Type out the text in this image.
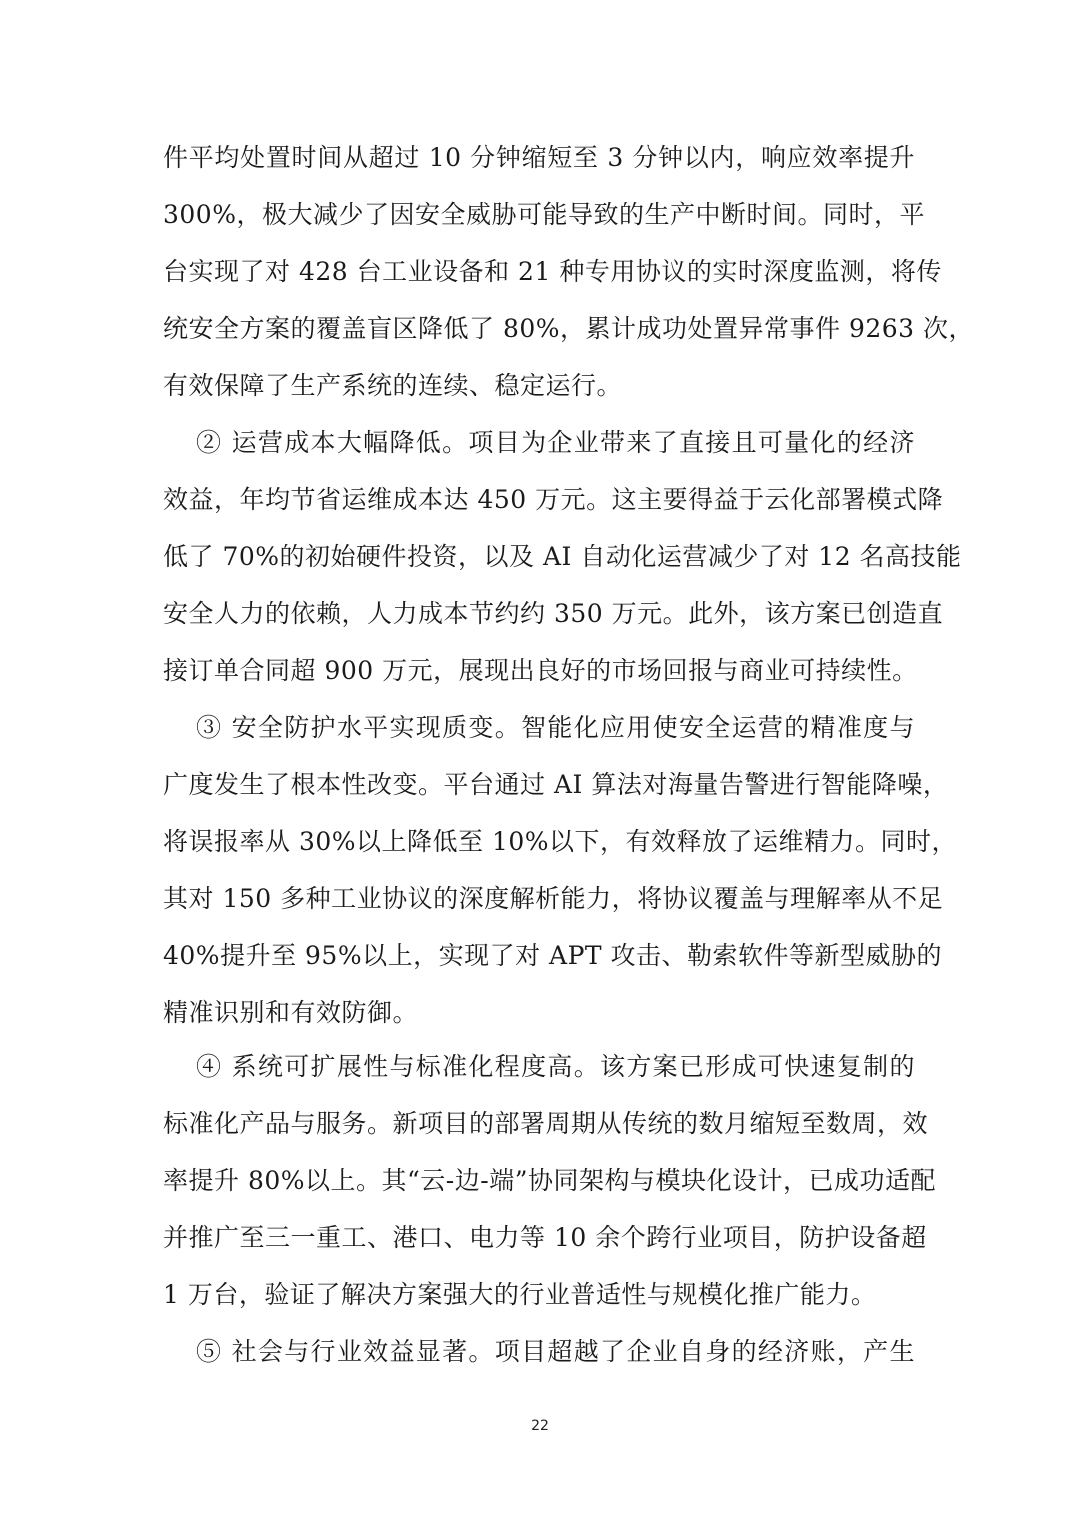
件平均处置时间从超过 10 分钟缩短至 3 分钟以内，响应效率提升
300%，极大减少了因安全威胁可能导致的生产中断时间。同时，平
台实现了对 428 台工业设备和 21 种专用协议的实时深度监测，将传
统安全方案的覆盖盲区降低了 80%，累计成功处置异常事件 9263 次，
有效保障了生产系统的连续、稳定运行。
② 运营成本大幅降低。项目为企业带来了直接且可量化的经济
效益，年均节省运维成本达 450 万元。这主要得益于云化部署模式降
低了 70%的初始硬件投资，以及 AI 自动化运营减少了对 12 名高技能
安全人力的依赖，人力成本节约约 350 万元。此外，该方案已创造直
接订单合同超 900 万元，展现出良好的市场回报与商业可持续性。
③ 安全防护水平实现质变。智能化应用使安全运营的精准度与
广度发生了根本性改变。平台通过 AI 算法对海量告警进行智能降噪，
将误报率从 30%以上降低至 10%以下，有效释放了运维精力。同时，
其对 150 多种工业协议的深度解析能力，将协议覆盖与理解率从不足
40%提升至 95%以上，实现了对 APT 攻击、勒索软件等新型威胁的
精准识别和有效防御。
④ 系统可扩展性与标准化程度高。该方案已形成可快速复制的
标准化产品与服务。新项目的部署周期从传统的数月缩短至数周，效
率提升 80%以上。其“云-边-端”协同架构与模块化设计，已成功适配
并推广至三一重工、港口、电力等 10 余个跨行业项目，防护设备超
1 万台，验证了解决方案强大的行业普适性与规模化推广能力。
⑤ 社会与行业效益显著。项目超越了企业自身的经济账，产生
22
